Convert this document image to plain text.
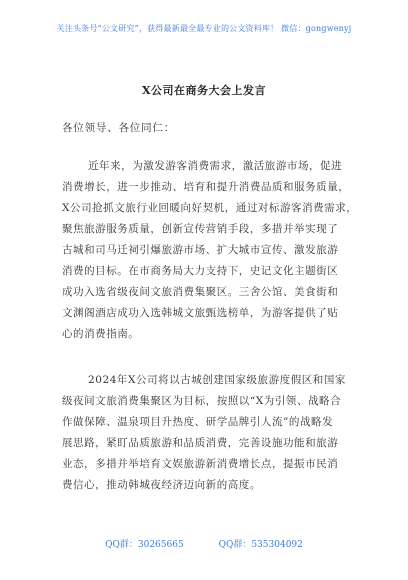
关注头条号“公文研究”，获得最新最全最专业的公文资料库！ 微信：gongwenyj
X公司在商务大会上发言
各位领导、各位同仁：
近年来，为激发游客消费需求，激活旅游市场，促进
消费增长，进一步推动、培育和提升消费品质和服务质量，
X公司抢抓文旅行业回暖向好契机，通过对标游客消费需求，
聚焦旅游服务质量，创新宣传营销手段，多措并举实现了
古城和司马迁祠引爆旅游市场、扩大城市宣传、激发旅游
消费的目标。在市商务局大力支持下，史记文化主题街区
成功入选省级夜间文旅消费集聚区。三舍公馆、美食街和
文渊阁酒店成功入选韩城文旅甄选榜单，为游客提供了贴
心的消费指南。
2024年X公司将以古城创建国家级旅游度假区和国家
级夜间文旅消费集聚区为目标，按照以“X为引领、战略合
作做保障、温泉项目升热度、研学品牌引人流”的战略发
展思路，紧盯品质旅游和品质消费，完善设施功能和旅游
业态，多措并举培育文娱旅游新消费增长点，提振市民消
费信心，推动韩城夜经济迈向新的高度。
QQ群：30265665	QQ群：535304092
